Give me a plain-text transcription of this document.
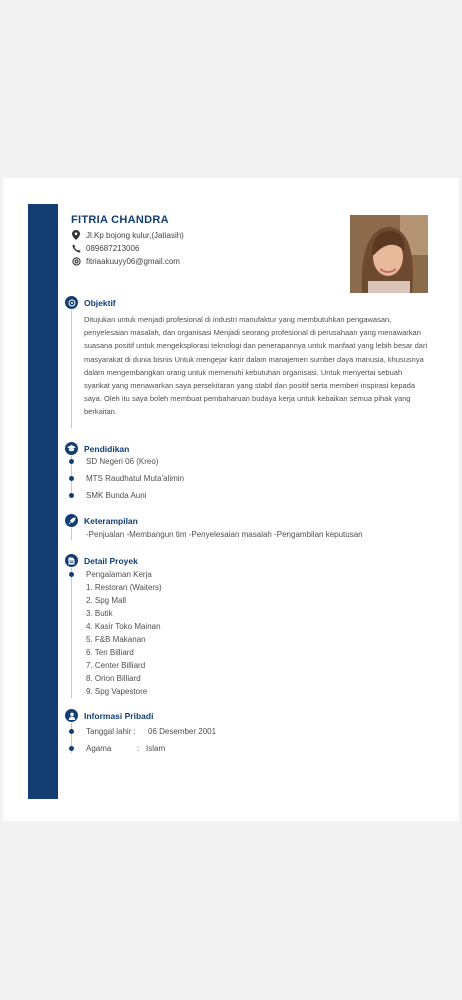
FITRIA CHANDRA
Jl.Kp bojong kulur,(Jatiasih)
089687213006
fitriaakuuyy06@gmail.com
Objektif
Ditujukan untuk menjadi profesional di industri manufaktur yang membutuhkan pengawasan, penyelesaian masalah, dan organisasi Menjadi seorang profesional di perusahaan yang menawarkan suasana positif untuk mengeksplorasi teknologi dan penerapannya untuk manfaat yang lebih besar dari masyarakat di dunia bisnis Untuk mengejar karir dalam manajemen sumber daya manusia, khususnya dalam mengembangkan orang untuk memenuhi kebutuhan organisasi. Untuk menyertai sebuah syarikat yang menawarkan saya persekitaran yang stabil dan positif serta memberi inspirasi kepada saya. Oleh itu saya boleh membuat pembaharuan budaya kerja untuk kebaikan semua pihak yang berkaitan.
Pendidikan
SD Negeri 06 (Kreo)
MTS Raudhatul Muta'alimin
SMK Bunda Auni
Keterampilan
-Penjualan -Membangun tim -Penyelesaian masalah -Pengambilan keputusan
Detail Proyek
Pengalaman Kerja
1. Restoran (Waiters)
2. Spg Mall
3. Butik
4. Kasir Toko Mainan
5. F&B Makanan
6. Ten Billiard
7. Center Billiard
8. Orion Billiard
9. Spg Vapestore
Informasi Pribadi
Tanggal lahir : 06 Desember 2001
Agama	: Islam
